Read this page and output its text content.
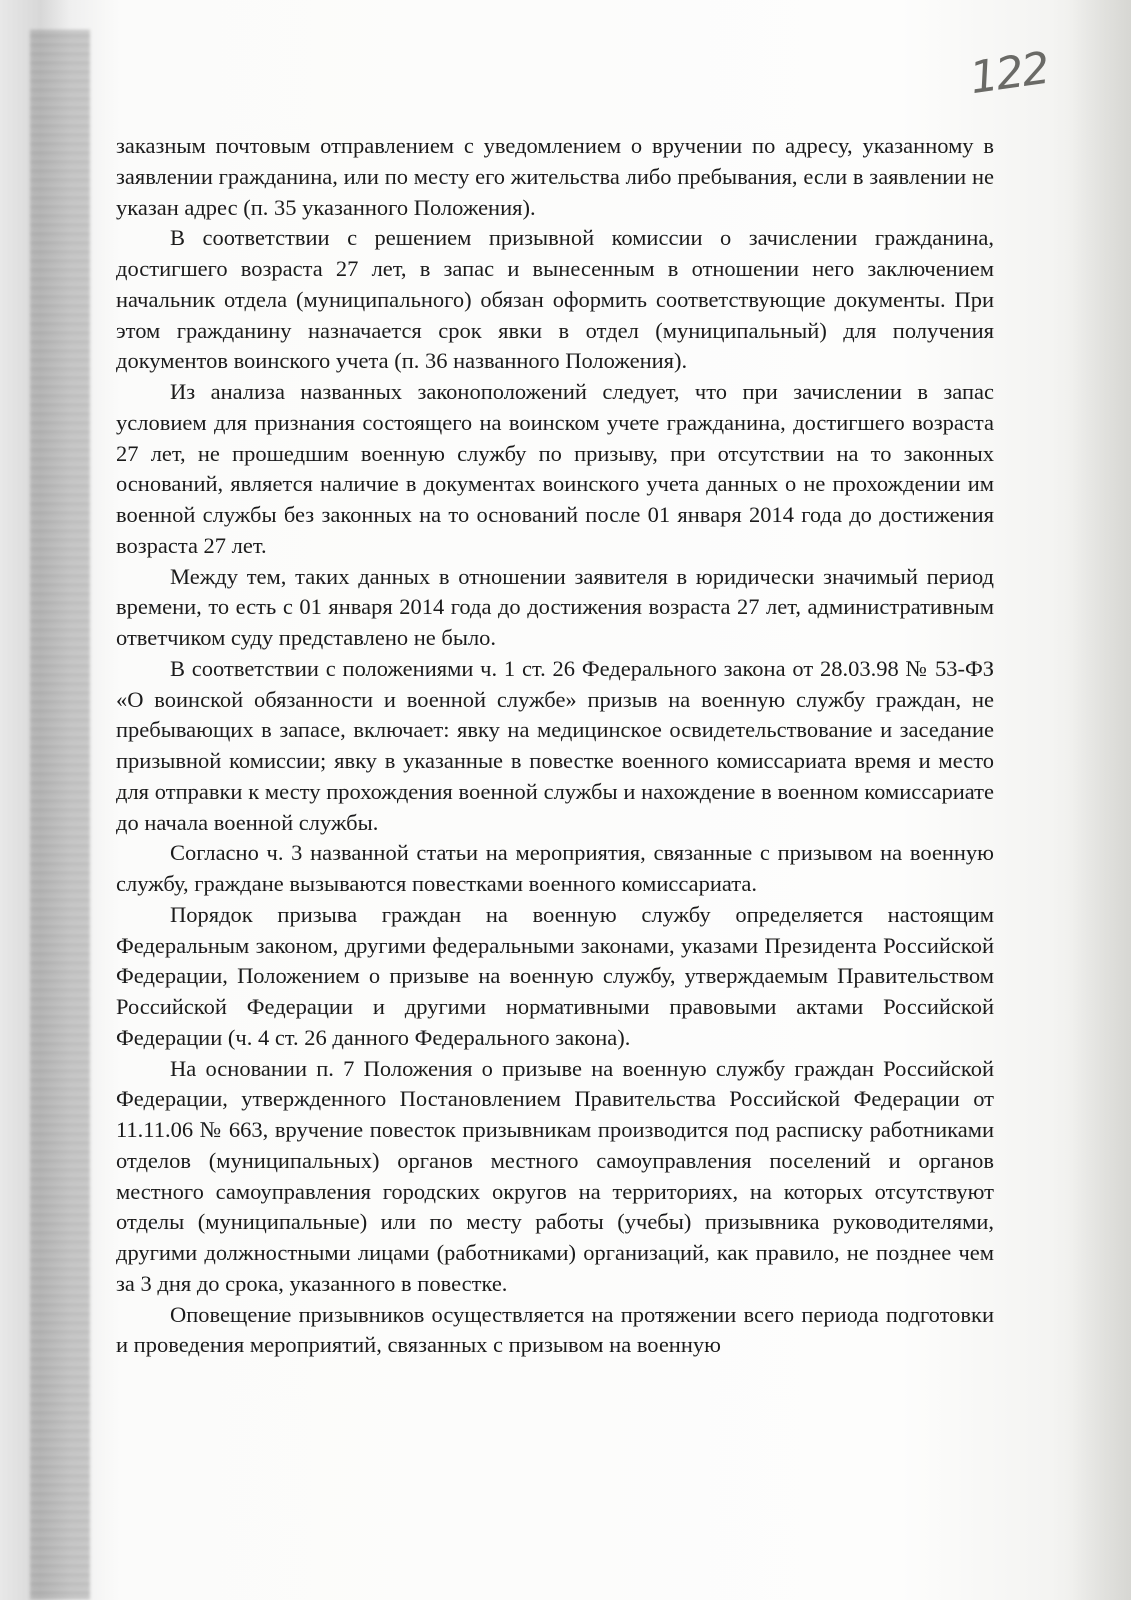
122

заказным почтовым отправлением с уведомлением о вручении по адресу, указанному в заявлении гражданина, или по месту его жительства либо пребывания, если в заявлении не указан адрес (п. 35 указанного Положения).

В соответствии с решением призывной комиссии о зачислении гражданина, достигшего возраста 27 лет, в запас и вынесенным в отношении него заключением начальник отдела (муниципального) обязан оформить соответствующие документы. При этом гражданину назначается срок явки в отдел (муниципальный) для получения документов воинского учета (п. 36 названного Положения).

Из анализа названных законоположений следует, что при зачислении в запас условием для признания состоящего на воинском учете гражданина, достигшего возраста 27 лет, не прошедшим военную службу по призыву, при отсутствии на то законных оснований, является наличие в документах воинского учета данных о не прохождении им военной службы без законных на то оснований после 01 января 2014 года до достижения возраста 27 лет.

Между тем, таких данных в отношении заявителя в юридически значимый период времени, то есть с 01 января 2014 года до достижения возраста 27 лет, административным ответчиком суду представлено не было.

В соответствии с положениями ч. 1 ст. 26 Федерального закона от 28.03.98 № 53-ФЗ «О воинской обязанности и военной службе» призыв на военную службу граждан, не пребывающих в запасе, включает: явку на медицинское освидетельствование и заседание призывной комиссии; явку в указанные в повестке военного комиссариата время и место для отправки к месту прохождения военной службы и нахождение в военном комиссариате до начала военной службы.

Согласно ч. 3 названной статьи на мероприятия, связанные с призывом на военную службу, граждане вызываются повестками военного комиссариата.

Порядок призыва граждан на военную службу определяется настоящим Федеральным законом, другими федеральными законами, указами Президента Российской Федерации, Положением о призыве на военную службу, утверждаемым Правительством Российской Федерации и другими нормативными правовыми актами Российской Федерации (ч. 4 ст. 26 данного Федерального закона).

На основании п. 7 Положения о призыве на военную службу граждан Российской Федерации, утвержденного Постановлением Правительства Российской Федерации от 11.11.06 № 663, вручение повесток призывникам производится под расписку работниками отделов (муниципальных) органов местного самоуправления поселений и органов местного самоуправления городских округов на территориях, на которых отсутствуют отделы (муниципальные) или по месту работы (учебы) призывника руководителями, другими должностными лицами (работниками) организаций, как правило, не позднее чем за 3 дня до срока, указанного в повестке.

Оповещение призывников осуществляется на протяжении всего периода подготовки и проведения мероприятий, связанных с призывом на военную
